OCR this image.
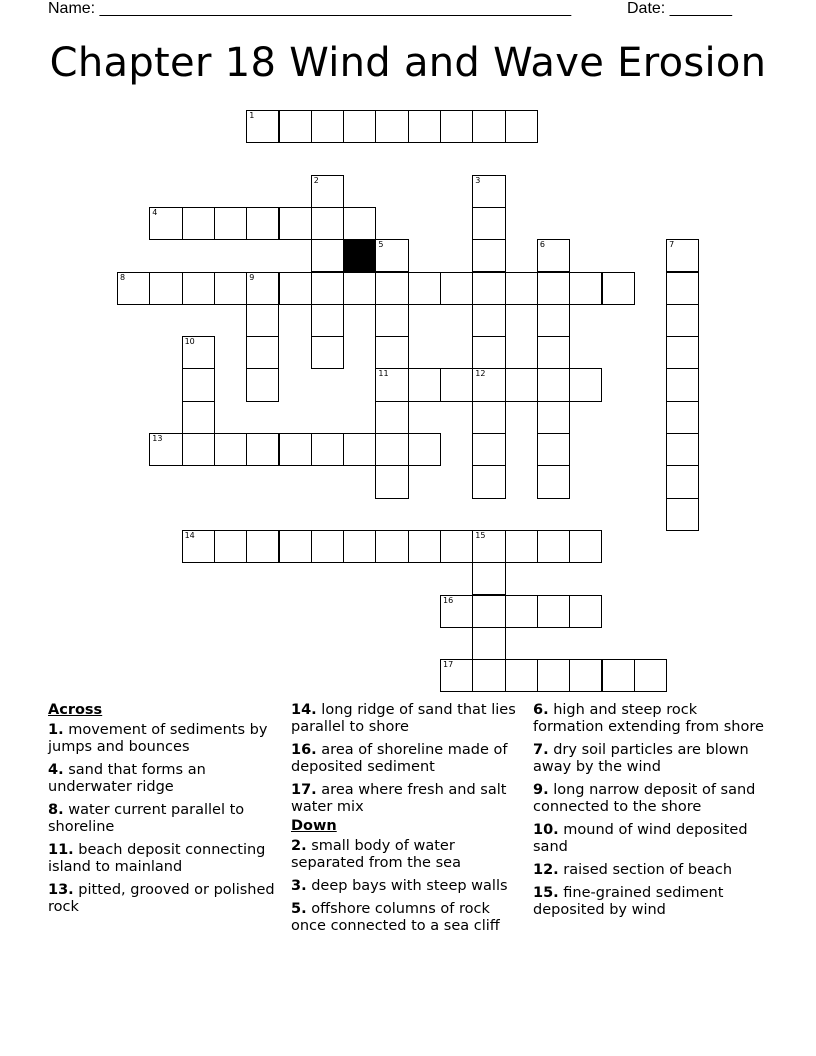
Name: _____________________________________________________	Date: _______
Chapter 18 Wind and Wave Erosion
1
4
8	9
11	12
13
14	15
16
17
2	3
5	6	7
10
Across
1. movement of sediments by jumps and bounces
4. sand that forms an underwater ridge
8. water current parallel to shoreline
11. beach deposit connecting island to mainland
13. pitted, grooved or polished rock
14. long ridge of sand that lies parallel to shore
16. area of shoreline made of deposited sediment
17. area where fresh and salt water mix
Down
2. small body of water separated from the sea
3. deep bays with steep walls
5. offshore columns of rock once connected to a sea cliff
6. high and steep rock formation extending from shore
7. dry soil particles are blown away by the wind
9. long narrow deposit of sand connected to the shore
10. mound of wind deposited sand
12. raised section of beach
15. fine-grained sediment deposited by wind
